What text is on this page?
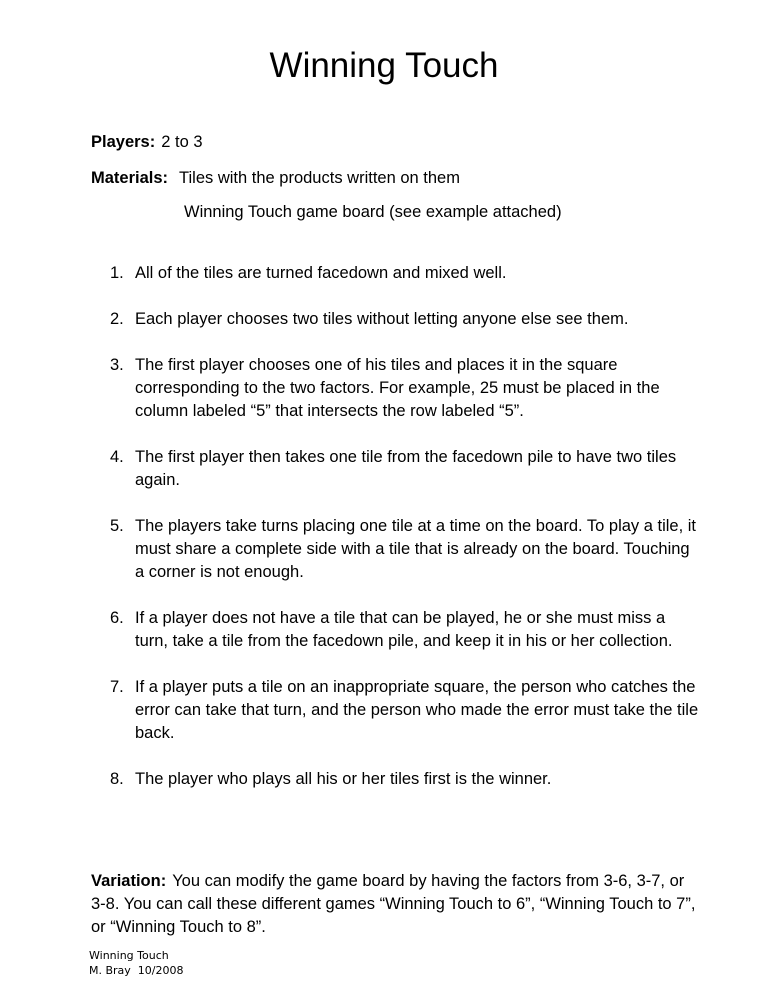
Winning Touch
Players: 2 to 3
Materials: Tiles with the products written on them
Winning Touch game board (see example attached)
1. All of the tiles are turned facedown and mixed well.
2. Each player chooses two tiles without letting anyone else see them.
3. The first player chooses one of his tiles and places it in the square corresponding to the two factors. For example, 25 must be placed in the column labeled “5” that intersects the row labeled “5”.
4. The first player then takes one tile from the facedown pile to have two tiles again.
5. The players take turns placing one tile at a time on the board. To play a tile, it must share a complete side with a tile that is already on the board. Touching a corner is not enough.
6. If a player does not have a tile that can be played, he or she must miss a turn, take a tile from the facedown pile, and keep it in his or her collection.
7. If a player puts a tile on an inappropriate square, the person who catches the error can take that turn, and the person who made the error must take the tile back.
8. The player who plays all his or her tiles first is the winner.
Variation: You can modify the game board by having the factors from 3-6, 3-7, or 3-8. You can call these different games “Winning Touch to 6”, “Winning Touch to 7”, or “Winning Touch to 8”.
Winning Touch
M. Bray  10/2008
